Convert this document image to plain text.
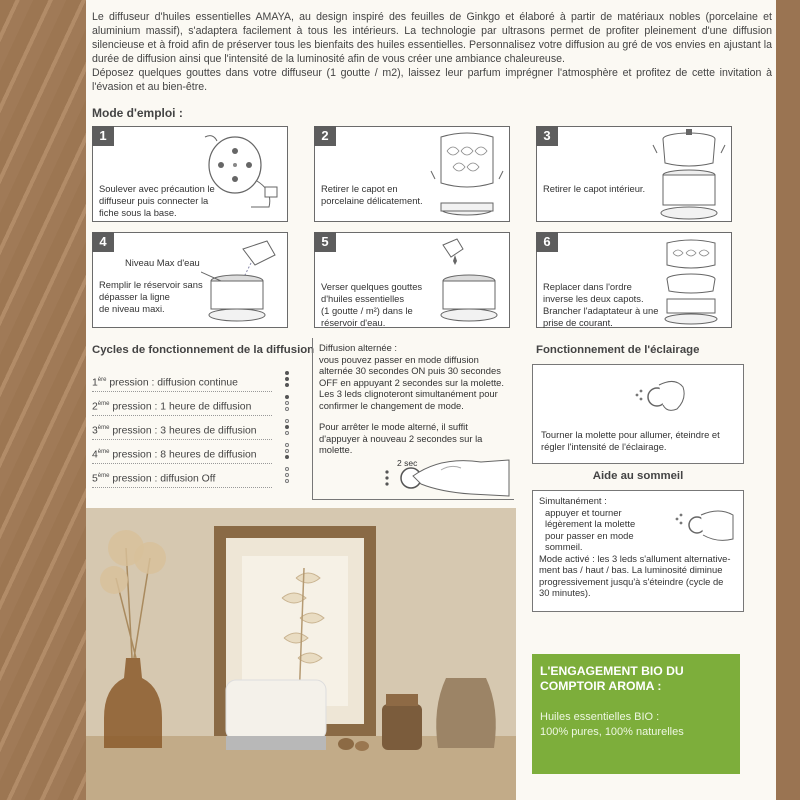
Le diffuseur d'huiles essentielles AMAYA, au design inspiré des feuilles de Ginkgo et élaboré à partir de matériaux nobles (porcelaine et aluminium massif), s'adaptera facilement à tous les intérieurs. La technologie par ultrasons permet de profiter pleinement d'une diffusion silencieuse et à froid afin de préserver tous les bienfaits des huiles essentielles. Personnalisez votre diffusion au gré de vos envies en ajustant la durée de diffusion ainsi que l'intensité de la luminosité afin de vous créer une ambiance chaleureuse.

Déposez quelques gouttes dans votre diffuseur (1 goutte / m2), laissez leur parfum imprégner l'atmosphère et profitez de cette invitation à l'évasion et au bien-être.

Mode d'emploi :
1
Soulever avec précaution le
diffuseur puis connecter la
fiche sous la base.
2
Retirer le capot en
porcelaine délicatement.
3
Retirer le capot intérieur.
4
Niveau Max d'eau
Remplir le réservoir sans
dépasser la ligne
de niveau maxi.
5
Verser quelques gouttes
d'huiles essentielles
(1 goutte / m²) dans le
réservoir d'eau.
6
Replacer dans l'ordre
inverse les deux capots.
Brancher l'adaptateur à une
prise de courant.
Cycles de fonctionnement de la diffusion
1ère pression : diffusion continue
2ème pression : 1 heure de diffusion
3ème pression : 3 heures de diffusion
4ème pression : 8 heures de diffusion
5ème pression : diffusion Off
Diffusion alternée :
vous pouvez passer en mode diffusion
alternée 30 secondes ON puis 30 secondes
OFF en appuyant 2 secondes sur la molette.
Les 3 leds clignoteront simultanément pour
confirmer le changement de mode.
Pour arrêter le mode alterné, il suffit
d'appuyer à nouveau 2 secondes sur la
molette.
2 sec
Fonctionnement de l'éclairage
Tourner la molette pour allumer, éteindre et
régler l'intensité de l'éclairage.
Aide au sommeil
Simultanément :
appuyer et tourner
légèrement la molette
pour passer en mode
sommeil.
Mode activé : les 3 leds s'allument alternative-
ment bas / haut / bas. La luminosité diminue
progressivement jusqu'à s'éteindre (cycle de
30 minutes).
L'ENGAGEMENT BIO DU COMPTOIR AROMA :
Huiles essentielles BIO :
100% pures, 100% naturelles
